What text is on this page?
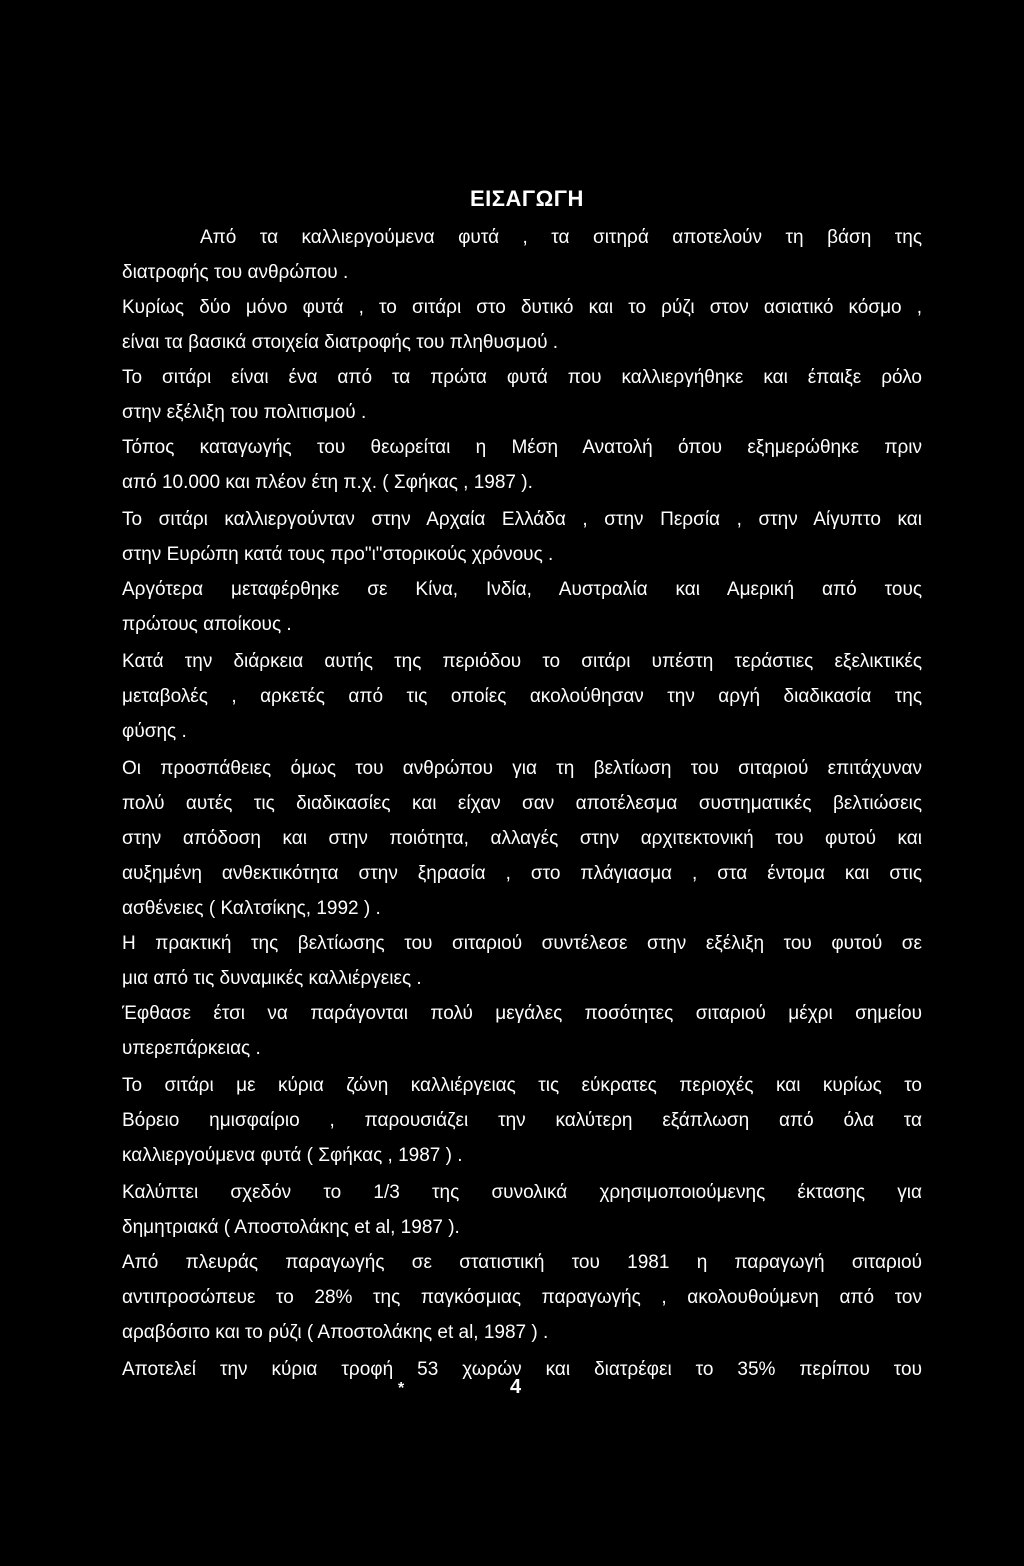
ΕΙΣΑΓΩΓΗ
Από τα καλλιεργούμενα φυτά , τα σιτηρά αποτελούν τη βάση της
διατροφής του ανθρώπου .
Κυρίως δύο μόνο φυτά , το σιτάρι στο δυτικό και το ρύζι στον ασιατικό κόσμο ,
είναι τα βασικά στοιχεία διατροφής του πληθυσμού .
Το σιτάρι είναι ένα από τα πρώτα φυτά που καλλιεργήθηκε και έπαιξε ρόλο
στην εξέλιξη του πολιτισμού .
Τόπος καταγωγής του θεωρείται η Μέση Ανατολή όπου εξημερώθηκε πριν
από 10.000 και πλέον έτη π.χ. ( Σφήκας , 1987 ).
Το σιτάρι καλλιεργούνταν στην Αρχαία Ελλάδα , στην Περσία , στην Αίγυπτο και
στην Ευρώπη κατά τους προ"ι"στορικούς χρόνους .
Αργότερα μεταφέρθηκε σε Κίνα, Ινδία, Αυστραλία και Αμερική από τους
πρώτους αποίκους .
Κατά την διάρκεια αυτής της περιόδου το σιτάρι υπέστη τεράστιες εξελικτικές
μεταβολές , αρκετές από τις οποίες ακολούθησαν την αργή διαδικασία της
φύσης .
Οι προσπάθειες όμως του ανθρώπου για τη βελτίωση του σιταριού επιτάχυναν
πολύ αυτές τις διαδικασίες και είχαν σαν αποτέλεσμα συστηματικές βελτιώσεις
στην απόδοση και στην ποιότητα, αλλαγές στην αρχιτεκτονική του φυτού και
αυξημένη ανθεκτικότητα στην ξηρασία , στο πλάγιασμα , στα έντομα και στις
ασθένειες ( Καλτσίκης, 1992 ) .
Η πρακτική της βελτίωσης του σιταριού συντέλεσε στην εξέλιξη του φυτού σε
μια από τις δυναμικές καλλιέργειες .
Έφθασε έτσι να παράγονται πολύ μεγάλες ποσότητες σιταριού μέχρι σημείου
υπερεπάρκειας .
Το σιτάρι με κύρια ζώνη καλλιέργειας τις εύκρατες περιοχές και κυρίως το
Βόρειο ημισφαίριο , παρουσιάζει την καλύτερη εξάπλωση από όλα τα
καλλιεργούμενα φυτά ( Σφήκας , 1987 ) .
Καλύπτει σχεδόν το 1/3 της συνολικά χρησιμοποιούμενης έκτασης για
δημητριακά ( Αποστολάκης et al, 1987 ).
Από πλευράς παραγωγής σε στατιστική του 1981 η παραγωγή σιταριού
αντιπροσώπευε το 28% της παγκόσμιας παραγωγής , ακολουθούμενη από τον
αραβόσιτο και το ρύζι ( Αποστολάκης et al, 1987 ) .
Αποτελεί την κύρια τροφή 53 χωρών και διατρέφει το 35% περίπου του
*	4
